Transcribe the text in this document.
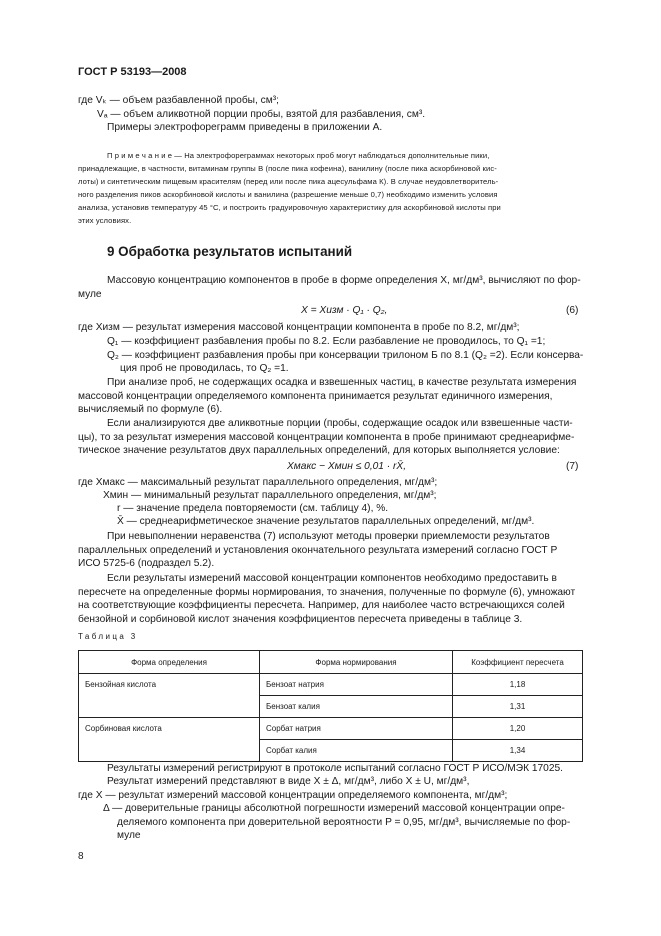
ГОСТ Р 53193—2008
где Vₖ — объем разбавленной пробы, см³;
Vₐ — объем аликвотной порции пробы, взятой для разбавления, см³.
Примеры электрофореграмм приведены в приложении А.
П р и м е ч а н и е — На электрофореграммах некоторых проб могут наблюдаться дополнительные пики,
принадлежащие, в частности, витаминам группы В (после пика кофеина), ванилину (после пика аскорбиновой кис-
лоты) и синтетическим пищевым красителям (перед или после пика ацесульфама К). В случае неудовлетворитель-
ного разделения пиков аскорбиновой кислоты и ванилина (разрешение меньше 0,7) необходимо изменить условия
анализа, установив температуру 45 °С, и построить градуировочную характеристику для аскорбиновой кислоты при
этих условиях.
9 Обработка результатов испытаний
Массовую концентрацию компонентов в пробе в форме определения X, мг/дм³, вычисляют по фор-
муле
X = Xизм · Q₁ · Q₂,	(6)
где Xизм — результат измерения массовой концентрации компонента в пробе по 8.2, мг/дм³;
Q₁ — коэффициент разбавления пробы по 8.2. Если разбавление не проводилось, то Q₁ =1;
Q₂ — коэффициент разбавления пробы при консервации трилоном Б по 8.1 (Q₂ =2). Если консерва-
ция проб не проводилась, то Q₂ =1.
При анализе проб, не содержащих осадка и взвешенных частиц, в качестве результата измерения
массовой концентрации определяемого компонента принимается результат единичного измерения,
вычисляемый по формуле (6).
Если анализируются две аликвотные порции (пробы, содержащие осадок или взвешенные части-
цы), то за результат измерения массовой концентрации компонента в пробе принимают среднеарифме-
тическое значение результатов двух параллельных определений, для которых выполняется условие:
Xмакс − Xмин ≤ 0,01 · rX̄,	(7)
где Xмакс — максимальный результат параллельного определения, мг/дм³;
Xмин — минимальный результат параллельного определения, мг/дм³;
r — значение предела повторяемости (см. таблицу 4), %.
X̄ — среднеарифметическое значение результатов параллельных определений, мг/дм³.
При невыполнении неравенства (7) используют методы проверки приемлемости результатов
параллельных определений и установления окончательного результата измерений согласно ГОСТ Р
ИСО 5725-6 (подраздел 5.2).
Если результаты измерений массовой концентрации компонентов необходимо предоставить в
пересчете на определенные формы нормирования, то значения, полученные по формуле (6), умножают
на соответствующие коэффициенты пересчета. Например, для наиболее часто встречающихся солей
бензойной и сорбиновой кислот значения коэффициентов пересчета приведены в таблице 3.
Таблица 3
Форма определения	Форма нормирования	Коэффициент пересчета
Бензойная кислота	Бензоат натрия	1,18
	Бензоат калия	1,31
Сорбиновая кислота	Сорбат натрия	1,20
	Сорбат калия	1,34
Результаты измерений регистрируют в протоколе испытаний согласно ГОСТ Р ИСО/МЭК 17025.
Результат измерений представляют в виде X ± Δ, мг/дм³, либо X ± U, мг/дм³,
где X — результат измерений массовой концентрации определяемого компонента, мг/дм³;
Δ — доверительные границы абсолютной погрешности измерений массовой концентрации опре-
деляемого компонента при доверительной вероятности P = 0,95, мг/дм³, вычисляемые по фор-
муле
8
